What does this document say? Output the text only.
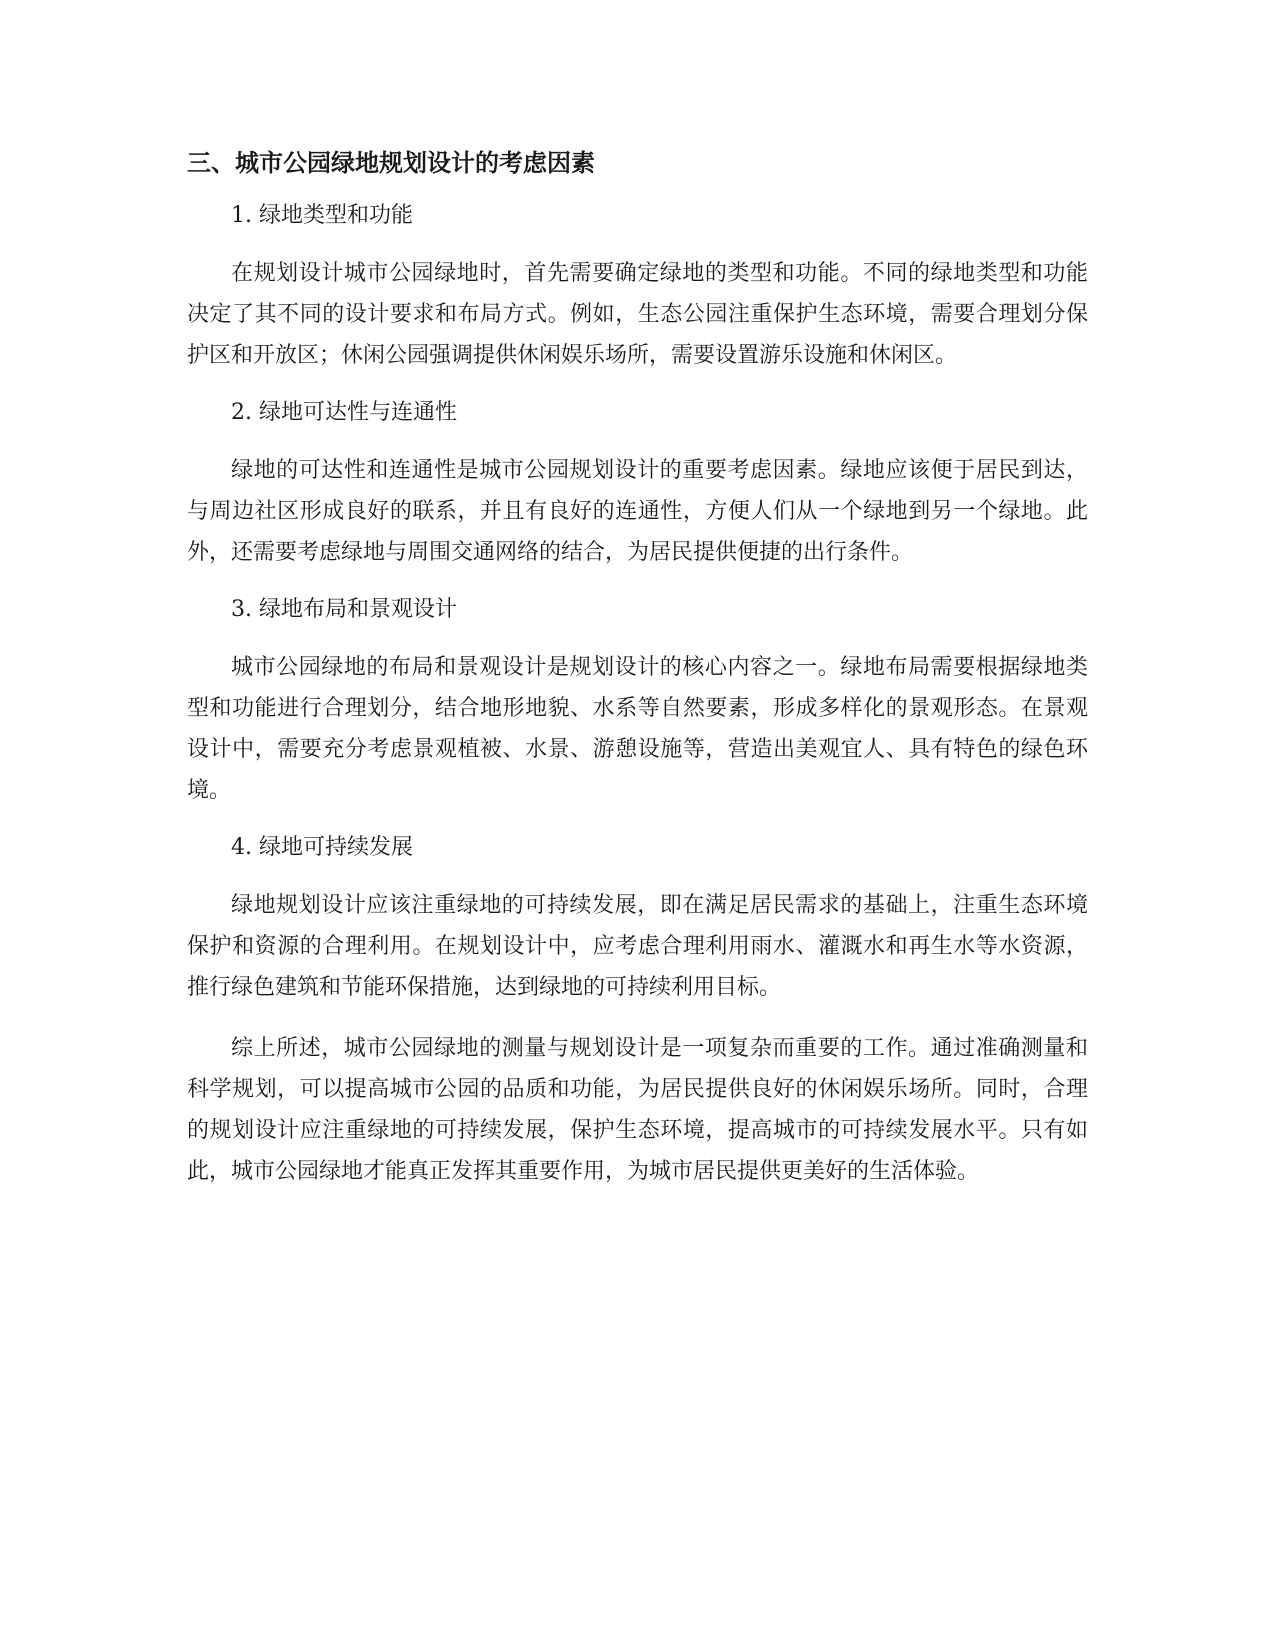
三、城市公园绿地规划设计的考虑因素
1. 绿地类型和功能

在规划设计城市公园绿地时，首先需要确定绿地的类型和功能。不同的绿地类型和功能决定了其不同的设计要求和布局方式。例如，生态公园注重保护生态环境，需要合理划分保护区和开放区；休闲公园强调提供休闲娱乐场所，需要设置游乐设施和休闲区。

2. 绿地可达性与连通性

绿地的可达性和连通性是城市公园规划设计的重要考虑因素。绿地应该便于居民到达，与周边社区形成良好的联系，并且有良好的连通性，方便人们从一个绿地到另一个绿地。此外，还需要考虑绿地与周围交通网络的结合，为居民提供便捷的出行条件。

3. 绿地布局和景观设计

城市公园绿地的布局和景观设计是规划设计的核心内容之一。绿地布局需要根据绿地类型和功能进行合理划分，结合地形地貌、水系等自然要素，形成多样化的景观形态。在景观设计中，需要充分考虑景观植被、水景、游憩设施等，营造出美观宜人、具有特色的绿色环境。

4. 绿地可持续发展

绿地规划设计应该注重绿地的可持续发展，即在满足居民需求的基础上，注重生态环境保护和资源的合理利用。在规划设计中，应考虑合理利用雨水、灌溉水和再生水等水资源，推行绿色建筑和节能环保措施，达到绿地的可持续利用目标。

综上所述，城市公园绿地的测量与规划设计是一项复杂而重要的工作。通过准确测量和科学规划，可以提高城市公园的品质和功能，为居民提供良好的休闲娱乐场所。同时，合理的规划设计应注重绿地的可持续发展，保护生态环境，提高城市的可持续发展水平。只有如此，城市公园绿地才能真正发挥其重要作用，为城市居民提供更美好的生活体验。
